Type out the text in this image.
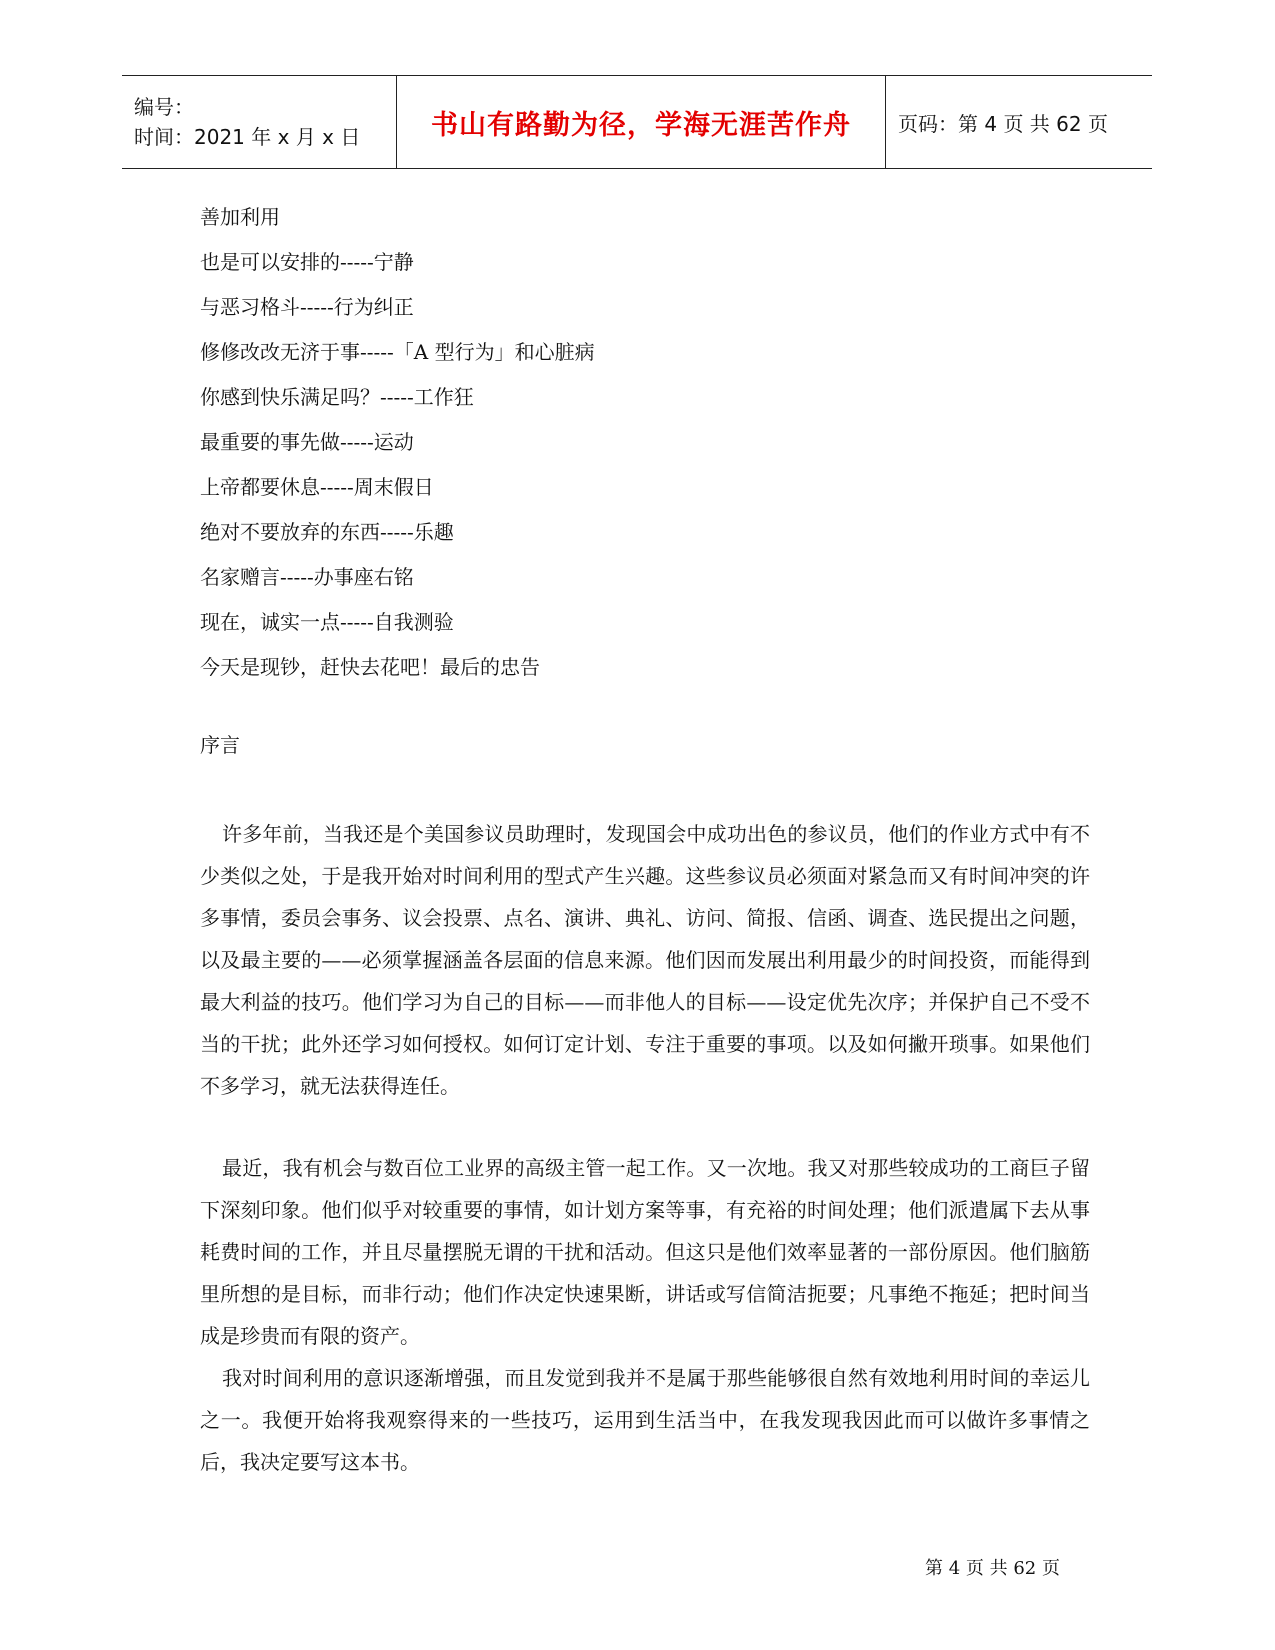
编号：
时间：2021 年 x 月 x 日	书山有路勤为径，学海无涯苦作舟 页码：第 4 页 共 62 页
善加利用
也是可以安排的-----宁静
与恶习格斗-----行为纠正
修修改改无济于事-----「A 型行为」和心脏病
你感到快乐满足吗？-----工作狂
最重要的事先做-----运动
上帝都要休息-----周末假日
绝对不要放弃的东西-----乐趣
名家赠言-----办事座右铭
现在，诚实一点-----自我测验
今天是现钞，赶快去花吧！最后的忠告
序言

许多年前，当我还是个美国参议员助理时，发现国会中成功出色的参议员，他们的作业方式中有不少类似之处，于是我开始对时间利用的型式产生兴趣。这些参议员必须面对紧急而又有时间冲突的许多事情，委员会事务、议会投票、点名、演讲、典礼、访问、简报、信函、调查、选民提出之问题，以及最主要的——必须掌握涵盖各层面的信息来源。他们因而发展出利用最少的时间投资，而能得到最大利益的技巧。他们学习为自己的目标——而非他人的目标——设定优先次序；并保护自己不受不当的干扰；此外还学习如何授权。如何订定计划、专注于重要的事项。以及如何撇开琐事。如果他们不多学习，就无法获得连任。

最近，我有机会与数百位工业界的高级主管一起工作。又一次地。我又对那些较成功的工商巨子留下深刻印象。他们似乎对较重要的事情，如计划方案等事，有充裕的时间处理；他们派遣属下去从事耗费时间的工作，并且尽量摆脱无谓的干扰和活动。但这只是他们效率显著的一部份原因。他们脑筋里所想的是目标，而非行动；他们作决定快速果断，讲话或写信简洁扼要；凡事绝不拖延；把时间当成是珍贵而有限的资产。

我对时间利用的意识逐渐增强，而且发觉到我并不是属于那些能够很自然有效地利用时间的幸运儿之一。我便开始将我观察得来的一些技巧，运用到生活当中，在我发现我因此而可以做许多事情之后，我决定要写这本书。

第 4 页 共 62 页
